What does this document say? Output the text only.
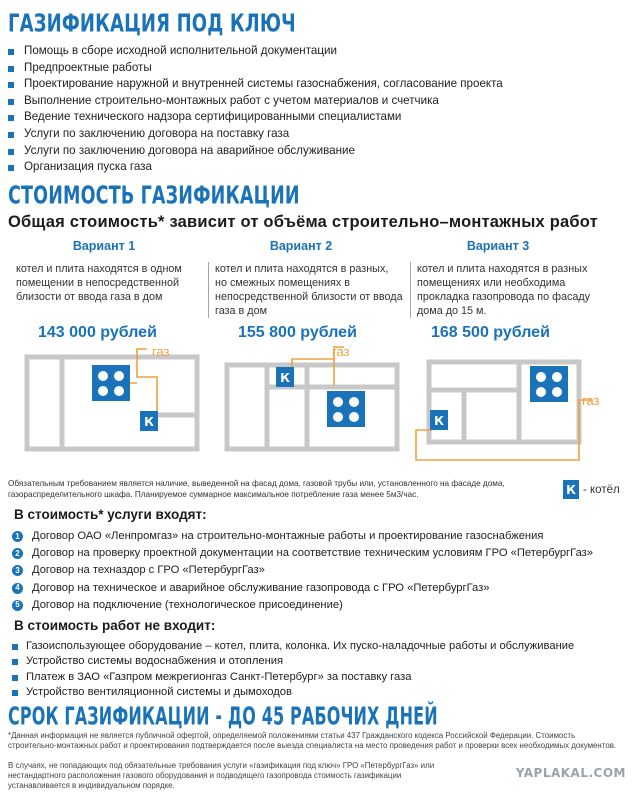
ГАЗИФИКАЦИЯ ПОД КЛЮЧ
Помощь в сборе исходной исполнительной документации
Предпроектные работы
Проектирование наружной и внутренней системы газоснабжения, согласование проекта
Выполнение строительно-монтажных работ с учетом материалов и счетчика
Ведение технического надзора сертифицированными специалистами
Услуги по заключению договора на поставку газа
Услуги по заключению договора на аварийное обслуживание
Организация пуска газа
СТОИМОСТЬ ГАЗИФИКАЦИИ
Общая стоимость* зависит от объёма строительно–монтажных работ
Вариант 1	Вариант 2	Вариант 3
котел и плита находятся в одном помещении в непосредственной близости от ввода газа в дом
котел и плита находятся в разных, но смежных помещениях в непосредственной близости от ввода газа в дом
котел и плита находятся в разных помещениях или необходима прокладка газопровода по фасаду дома до 15 м.
143 000 рублей	155 800 рублей	168 500 рублей
К
газ
К
газ
К
газ
Обязательным требованием является наличие, выведенной на фасад дома, газовой трубы или, установленного на фасаде дома, газораспределительного шкафа. Планируемое суммарное максимальное потребление газа менее 5м3/час.	К - котёл
В стоимость* услуги входят:
1 Договор ОАО «Ленпромгаз» на строительно-монтажные работы и проектирование газоснабжения
2 Договор на проверку проектной документации на соответствие техническим условиям ГРО «ПетербургГаз»
3 Договор на техназдор с ГРО «ПетербургГаз»
4 Договор на техническое и аварийное обслуживание газопровода с ГРО «ПетербургГаз»
5 Договор на подключение (технологическое присоединение)
В стоимость работ не входит:
Газоиспользующее оборудование – котел, плита, колонка. Их пуско-наладочные работы и обслуживание
Устройство системы водоснабжения и отопления
Платеж в ЗАО «Газпром межрегионгаз Санкт-Петербург» за поставку газа
Устройство вентиляционной системы и дымоходов
СРОК ГАЗИФИКАЦИИ - ДО 45 РАБОЧИХ ДНЕЙ
*Данная информация не является публичной офертой, определяемой положениями статьи 437 Гражданского кодекса Российской Федерации. Стоимость строительно-монтажных работ и проектирования подтверждается после выезда специалиста на место проведения работ и проверки всех необходимых документов.
В случаях, не попадающих под обязательные требования услуги «газификация под ключ» ГРО «ПетербургГаз» или нестандартного расположения газового оборудования и подводящего газопровода стоимость газификации устанавливается в индивидуальном порядке.
YAPLAKAL.COM
